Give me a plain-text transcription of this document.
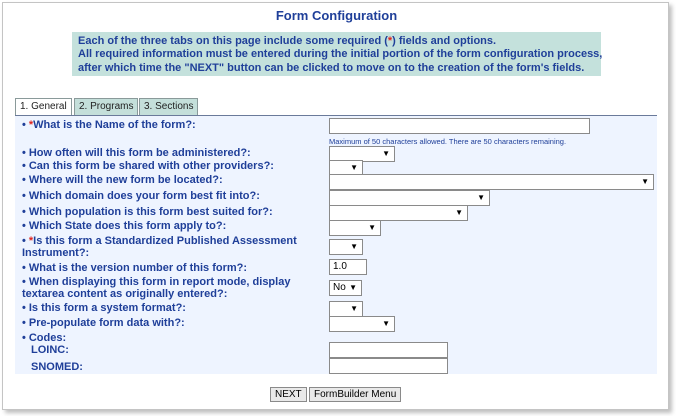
Form Configuration
Each of the three tabs on this page include some required (*) fields and options.
All required information must be entered during the initial portion of the form configuration process,
after which time the "NEXT" button can be clicked to move on to the creation of the form's fields.
1. General	2. Programs	3. Sections
• *What is the Name of the form?:
Maximum of 50 characters allowed. There are 50 characters remaining.
• How often will this form be administered?:	▼
• Can this form be shared with other providers?:	▼
• Where will the new form be located?:	▼
• Which domain does your form best fit into?:	▼
• Which population is this form best suited for?:	▼
• Which State does this form apply to?:	▼
• *Is this form a Standardized Published Assessment
Instrument?:
▼
• What is the version number of this form?:	1.0
• When displaying this form in report mode, display
textarea content as originally entered?:
No ▼
• Is this form a system format?:	▼
• Pre-populate form data with?:	▼
• Codes:
LOINC:
SNOMED:
NEXT	FormBuilder Menu
